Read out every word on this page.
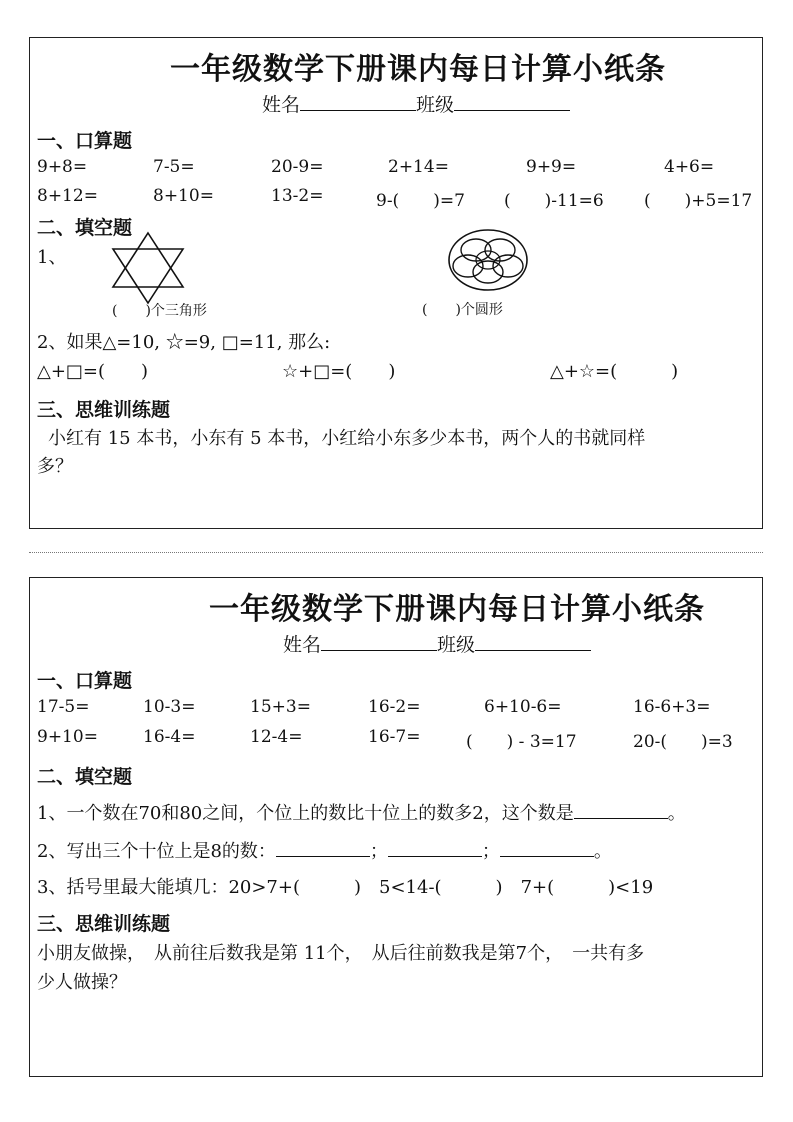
一年级数学下册课内每日计算小纸条
姓名	班级
一、口算题
9+8=	7-5=	20-9=	2+14=	9+9=	4+6=
8+12=	8+10=	13-2=	9-(　　)=7 (　　)-11=6 (　　)+5=17
二、填空题
1、
(　　)个三角形	(　　)个圆形
2、如果△=10, ☆=9, □=11, 那么:
△+□=(　　)	☆+□=(　　)	△+☆=(　　　)
三、思维训练题
小红有 15 本书，小东有 5 本书，小红给小东多少本书，两个人的书就同样
多？
一年级数学下册课内每日计算小纸条
姓名	班级
一、口算题
17-5=	10-3=	15+3=	16-2=	6+10-6=	16-6+3=
9+10=	16-4=	12-4=	16-7=	(　　) - 3=17	20-(　　)=3
二、填空题
1、一个数在70和80之间，个位上的数比十位上的数多2，这个数是	。
2、写出三个十位上是8的数：	；	；	。
3、括号里最大能填几：20>7+(　　　)　5<14-(　　　)　7+(　　　)<19
三、思维训练题
小朋友做操，　从前往后数我是第 11个，　从后往前数我是第7个，　一共有多
少人做操？
